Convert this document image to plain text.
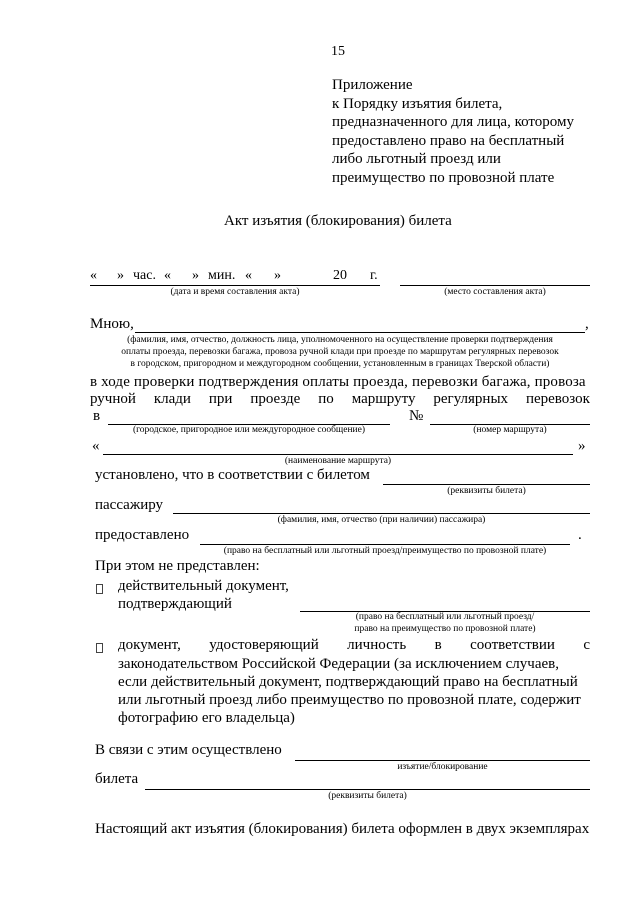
15
Приложение
к Порядку изъятия билета,
предназначенного для лица, которому
предоставлено право на бесплатный
либо льготный проезд или
преимущество по провозной плате
Акт изъятия (блокирования) билета
« » час. « » мин. « »	20 г.
(дата и время составления акта)	(место составления акта)
Мною,	,
(фамилия, имя, отчество, должность лица, уполномоченного на осуществление проверки подтверждения
оплаты проезда, перевозки багажа, провоза ручной клади при проезде по маршрутам регулярных перевозок
в городском, пригородном и междугородном сообщении, установленным в границах Тверской области)
в ходе проверки подтверждения оплаты проезда, перевозки багажа, провоза
ручной клади при проезде по маршруту регулярных перевозок
в	№
(городское, пригородное или междугородное сообщение)	(номер маршрута)
«	»
(наименование маршрута)
установлено, что в соответствии с билетом
(реквизиты билета)
пассажиру
(фамилия, имя, отчество (при наличии) пассажира)
предоставлено	.
(право на бесплатный или льготный проезд/преимущество по провозной плате)
При этом не представлен:
действительный документ,
подтверждающий
(право на бесплатный или льготный проезд/
право на преимущество по провозной плате)
документ, удостоверяющий личность в соответствии с
законодательством Российской Федерации (за исключением случаев,
если действительный документ, подтверждающий право на бесплатный
или льготный проезд либо преимущество по провозной плате, содержит
фотографию его владельца)
В связи с этим осуществлено
изъятие/блокирование
билета
(реквизиты билета)
Настоящий акт изъятия (блокирования) билета оформлен в двух экземплярах
